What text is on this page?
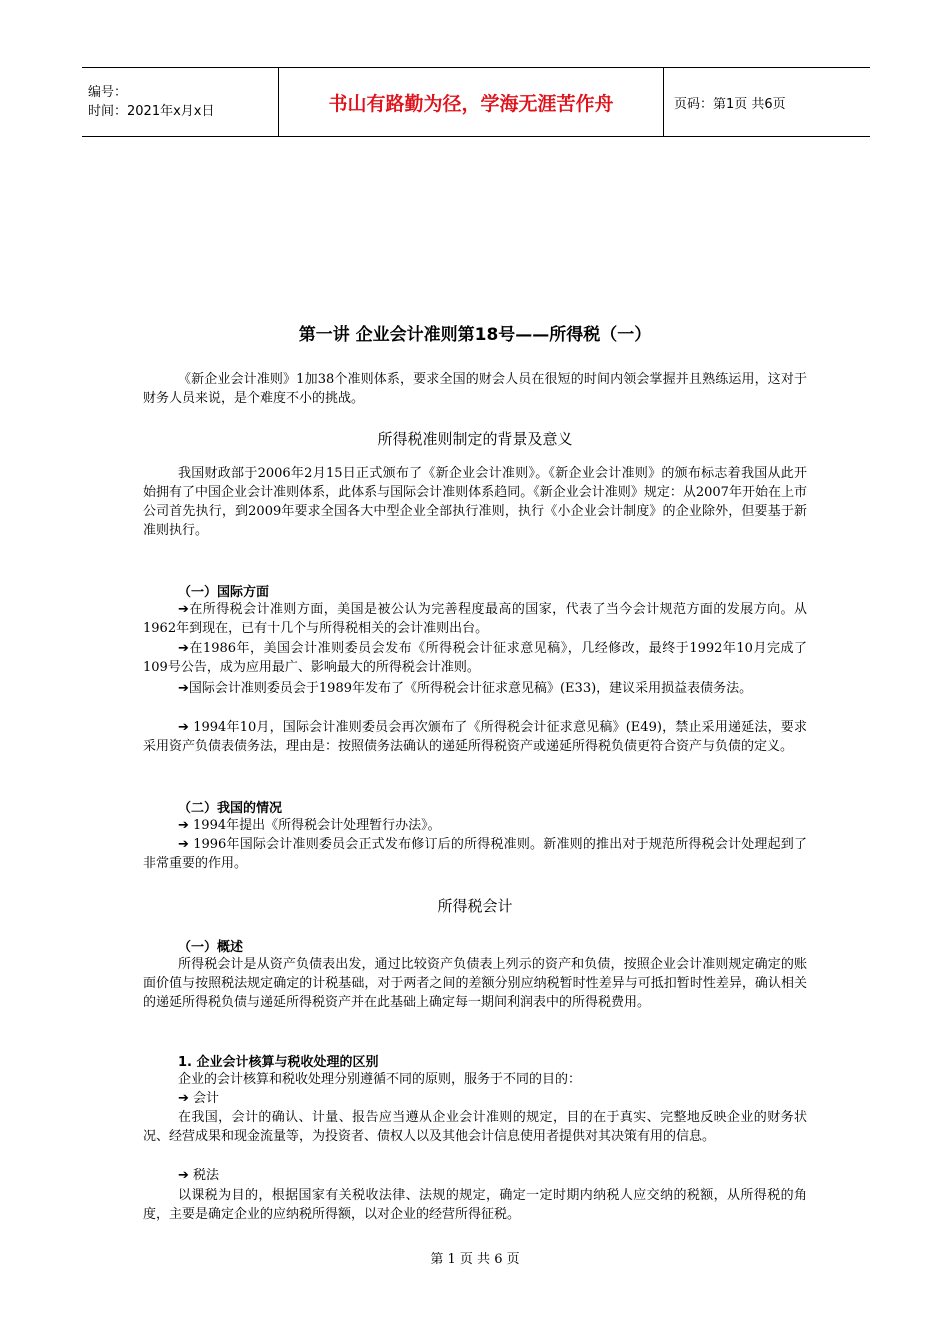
编号：
时间：2021年x月x日	书山有路勤为径，学海无涯苦作舟	页码：第1页 共6页
第一讲 企业会计准则第18号——所得税（一）
《新企业会计准则》1加38个准则体系，要求全国的财会人员在很短的时间内领会掌握并且熟练运用，这对于财务人员来说，是个难度不小的挑战。
所得税准则制定的背景及意义
我国财政部于2006年2月15日正式颁布了《新企业会计准则》。《新企业会计准则》的颁布标志着我国从此开始拥有了中国企业会计准则体系，此体系与国际会计准则体系趋同。《新企业会计准则》规定：从2007年开始在上市公司首先执行，到2009年要求全国各大中型企业全部执行准则，执行《小企业会计制度》的企业除外，但要基于新准则执行。
（一）国际方面
➔在所得税会计准则方面，美国是被公认为完善程度最高的国家，代表了当今会计规范方面的发展方向。从1962年到现在，已有十几个与所得税相关的会计准则出台。
➔在1986年，美国会计准则委员会发布《所得税会计征求意见稿》，几经修改，最终于1992年10月完成了109号公告，成为应用最广、影响最大的所得税会计准则。
➔国际会计准则委员会于1989年发布了《所得税会计征求意见稿》(E33)，建议采用损益表债务法。
➔ 1994年10月，国际会计准则委员会再次颁布了《所得税会计征求意见稿》(E49)，禁止采用递延法，要求采用资产负债表债务法，理由是：按照债务法确认的递延所得税资产或递延所得税负债更符合资产与负债的定义。
（二）我国的情况
➔ 1994年提出《所得税会计处理暂行办法》。
➔ 1996年国际会计准则委员会正式发布修订后的所得税准则。新准则的推出对于规范所得税会计处理起到了非常重要的作用。
所得税会计
（一）概述
所得税会计是从资产负债表出发，通过比较资产负债表上列示的资产和负债，按照企业会计准则规定确定的账面价值与按照税法规定确定的计税基础，对于两者之间的差额分别应纳税暂时性差异与可抵扣暂时性差异，确认相关的递延所得税负债与递延所得税资产并在此基础上确定每一期间利润表中的所得税费用。
1. 企业会计核算与税收处理的区别
企业的会计核算和税收处理分别遵循不同的原则，服务于不同的目的：
➔ 会计
在我国，会计的确认、计量、报告应当遵从企业会计准则的规定，目的在于真实、完整地反映企业的财务状况、经营成果和现金流量等，为投资者、债权人以及其他会计信息使用者提供对其决策有用的信息。
➔ 税法
以课税为目的，根据国家有关税收法律、法规的规定，确定一定时期内纳税人应交纳的税额，从所得税的角度，主要是确定企业的应纳税所得额，以对企业的经营所得征税。
第 1 页 共 6 页
